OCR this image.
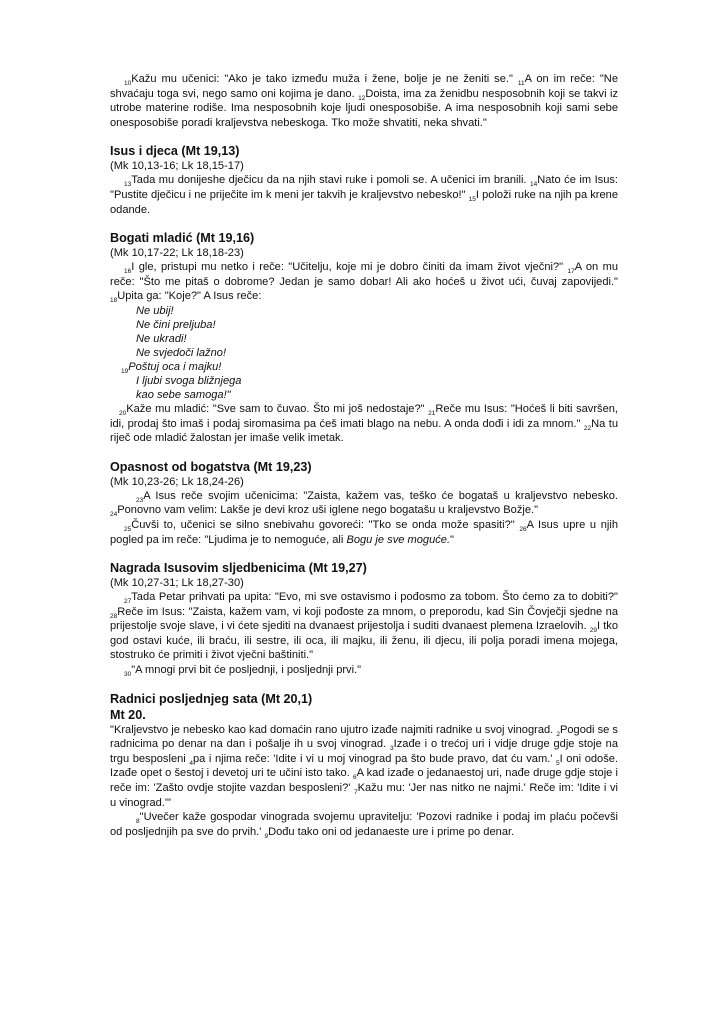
$_{10}$Kažu mu učenici: "Ako je tako između muža i žene, bolje je ne ženiti se." $_{11}$A on im reče: "Ne shvaćaju toga svi, nego samo oni kojima je dano. $_{12}$Doista, ima za ženidbu nesposobnih koji se takvi iz utrobe materine rodiše. Ima nesposobnih koje ljudi onesposobiše. A ima nesposobnih koji sami sebe onesposobiše poradi kraljevstva nebeskoga. Tko može shvatiti, neka shvati."

Isus i djeca (Mt 19,13)

(Mk 10,13-16; Lk 18,15-17)

$_{13}$Tada mu donijeshe dječicu da na njih stavi ruke i pomoli se. A učenici im branili. $_{14}$Nato će im Isus: "Pustite dječicu i ne priječite im k meni jer takvih je kraljevstvo nebesko!" $_{15}$I položi ruke na njih pa krene odande.

Bogati mladić (Mt 19,16)

(Mk 10,17-22; Lk 18,18-23)

$_{16}$I gle, pristupi mu netko i reče: "Učitelju, koje mi je dobro činiti da imam život vječni?" $_{17}$A on mu reče: "Što me pitaš o dobrome? Jedan je samo dobar! Ali ako hoćeš u život ući, čuvaj zapovijedi." $_{18}$Upita ga: "Koje?" A Isus reče:

Ne ubij!

Ne čini preljuba!

Ne ukradi!

Ne svjedoči lažno!

$_{19}$Poštuj oca i majku!

I ljubi svoga bližnjega

kao sebe samoga!"

$_{20}$Kaže mu mladić: "Sve sam to čuvao. Što mi još nedostaje?" $_{21}$Reče mu Isus: "Hoćeš li biti savršen, idi, prodaj što imaš i podaj siromasima pa ćeš imati blago na nebu. A onda dođi i idi za mnom." $_{22}$Na tu riječ ode mladić žalostan jer imaše velik imetak.

Opasnost od bogatstva (Mt 19,23)

(Mk 10,23-26; Lk 18,24-26)

$_{23}$A Isus reče svojim učenicima: "Zaista, kažem vas, teško će bogataš u kraljevstvo nebesko. $_{24}$Ponovno vam velim: Lakše je devi kroz uši iglene nego bogatašu u kraljevstvo Božje."

$_{25}$Čuvši to, učenici se silno snebivahu govoreći: "Tko se onda može spasiti?" $_{26}$A Isus upre u njih pogled pa im reče: "Ljudima je to nemoguće, ali Bogu je sve moguće."

Nagrada Isusovim sljedbenicima (Mt 19,27)

(Mk 10,27-31; Lk 18,27-30)

$_{27}$Tada Petar prihvati pa upita: "Evo, mi sve ostavismo i pođosmo za tobom. Što ćemo za to dobiti?" $_{28}$Reče im Isus: "Zaista, kažem vam, vi koji pođoste za mnom, o preporodu, kad Sin Čovječji sjedne na prijestolje svoje slave, i vi ćete sjediti na dvanaest prijestolja i suditi dvanaest plemena Izraelovih. $_{29}$I tko god ostavi kuće, ili braću, ili sestre, ili oca, ili majku, ili ženu, ili djecu, ili polja poradi imena mojega, stostruko će primiti i život vječni baštiniti."

$_{30}$"A mnogi prvi bit će posljednji, i posljednji prvi."

Radnici posljednjeg sata (Mt 20,1)

Mt 20.

"Kraljevstvo je nebesko kao kad domaćin rano ujutro izađe najmiti radnike u svoj vinograd. $_2$Pogodi se s radnicima po denar na dan i pošalje ih u svoj vinograd. $_3$Izađe i o trećoj uri i vidje druge gdje stoje na trgu besposleni $_4$pa i njima reče: 'Idite i vi u moj vinograd pa što bude pravo, dat ću vam.' $_5$I oni odoše. Izađe opet o šestoj i devetoj uri te učini isto tako. $_6$A kad izađe o jedanaestoj uri, nađe druge gdje stoje i reče im: 'Zašto ovdje stojite vazdan besposleni?' $_7$Kažu mu: 'Jer nas nitko ne najmi.' Reče im: 'Idite i vi u vinograd.'"

$_8$"Uvečer kaže gospodar vinograda svojemu upravitelju: 'Pozovi radnike i podaj im plaću počevši od posljednjih pa sve do prvih.' $_9$Dođu tako oni od jedanaeste ure i prime po denar.
